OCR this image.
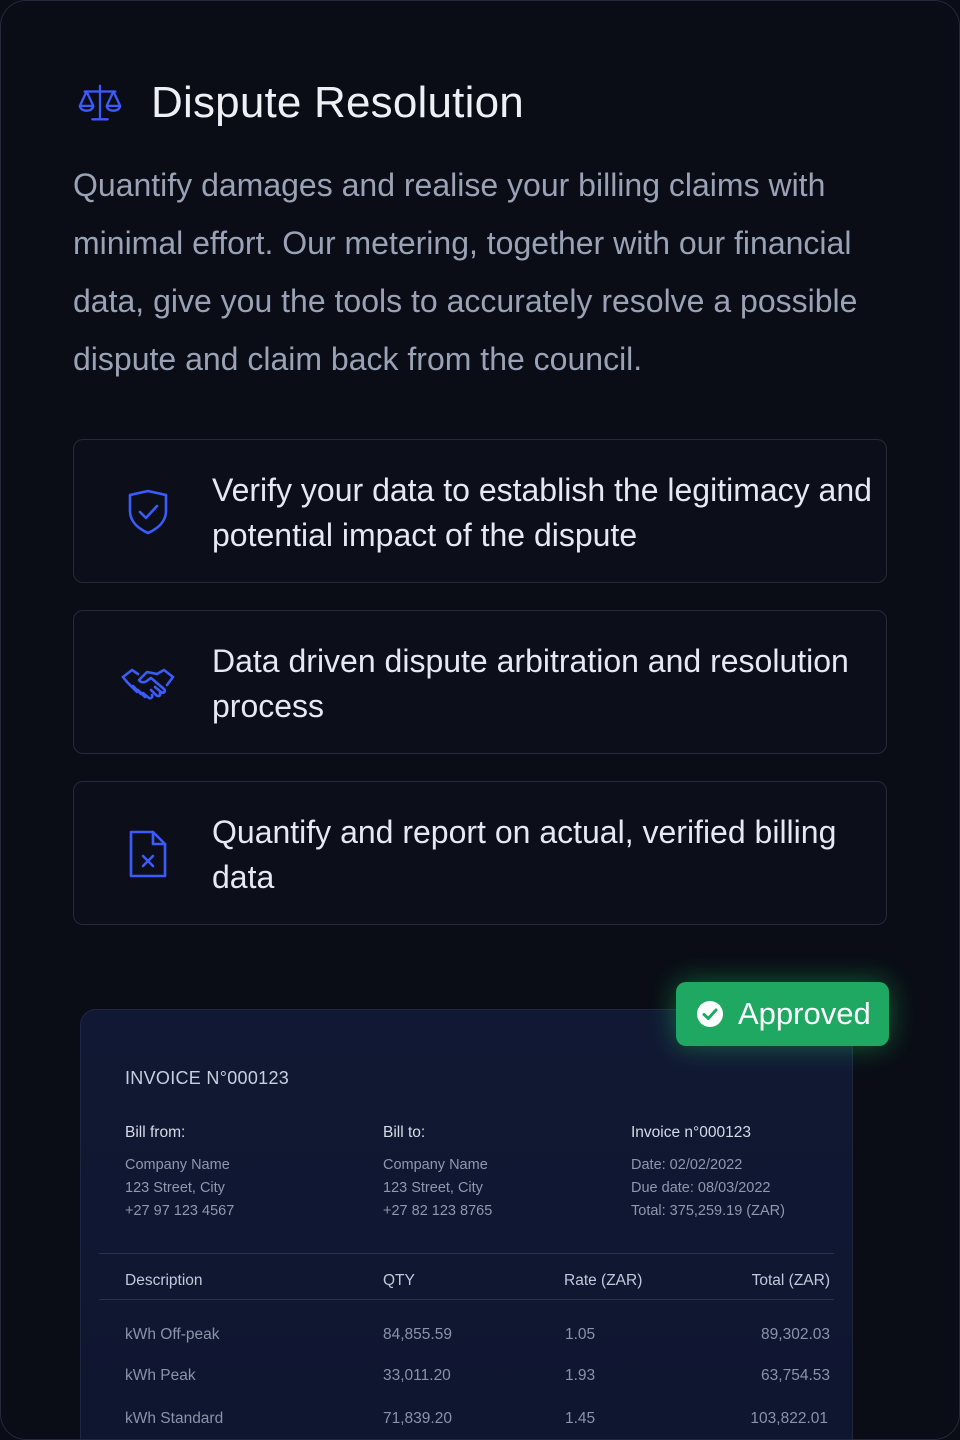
Dispute Resolution

Quantify damages and realise your billing claims with minimal effort. Our metering, together with our financial data, give you the tools to accurately resolve a possible dispute and claim back from the council.

Verify your data to establish the legitimacy and potential impact of the dispute
Data driven dispute arbitration and resolution process
Quantify and report on actual, verified billing data
INVOICE N°000123
Bill from:
Company Name
123 Street, City
+27 97 123 4567
Bill to:
Company Name
123 Street, City
+27 82 123 8765
Invoice n°000123
Date: 02/02/2022
Due date: 08/03/2022
Total: 375,259.19 (ZAR)
Description	QTY	Rate (ZAR)	Total (ZAR)
kWh Off-peak	84,855.59	1.05	89,302.03
kWh Peak	33,011.20	1.93	63,754.53
kWh Standard	71,839.20	1.45	103,822.01
Approved
